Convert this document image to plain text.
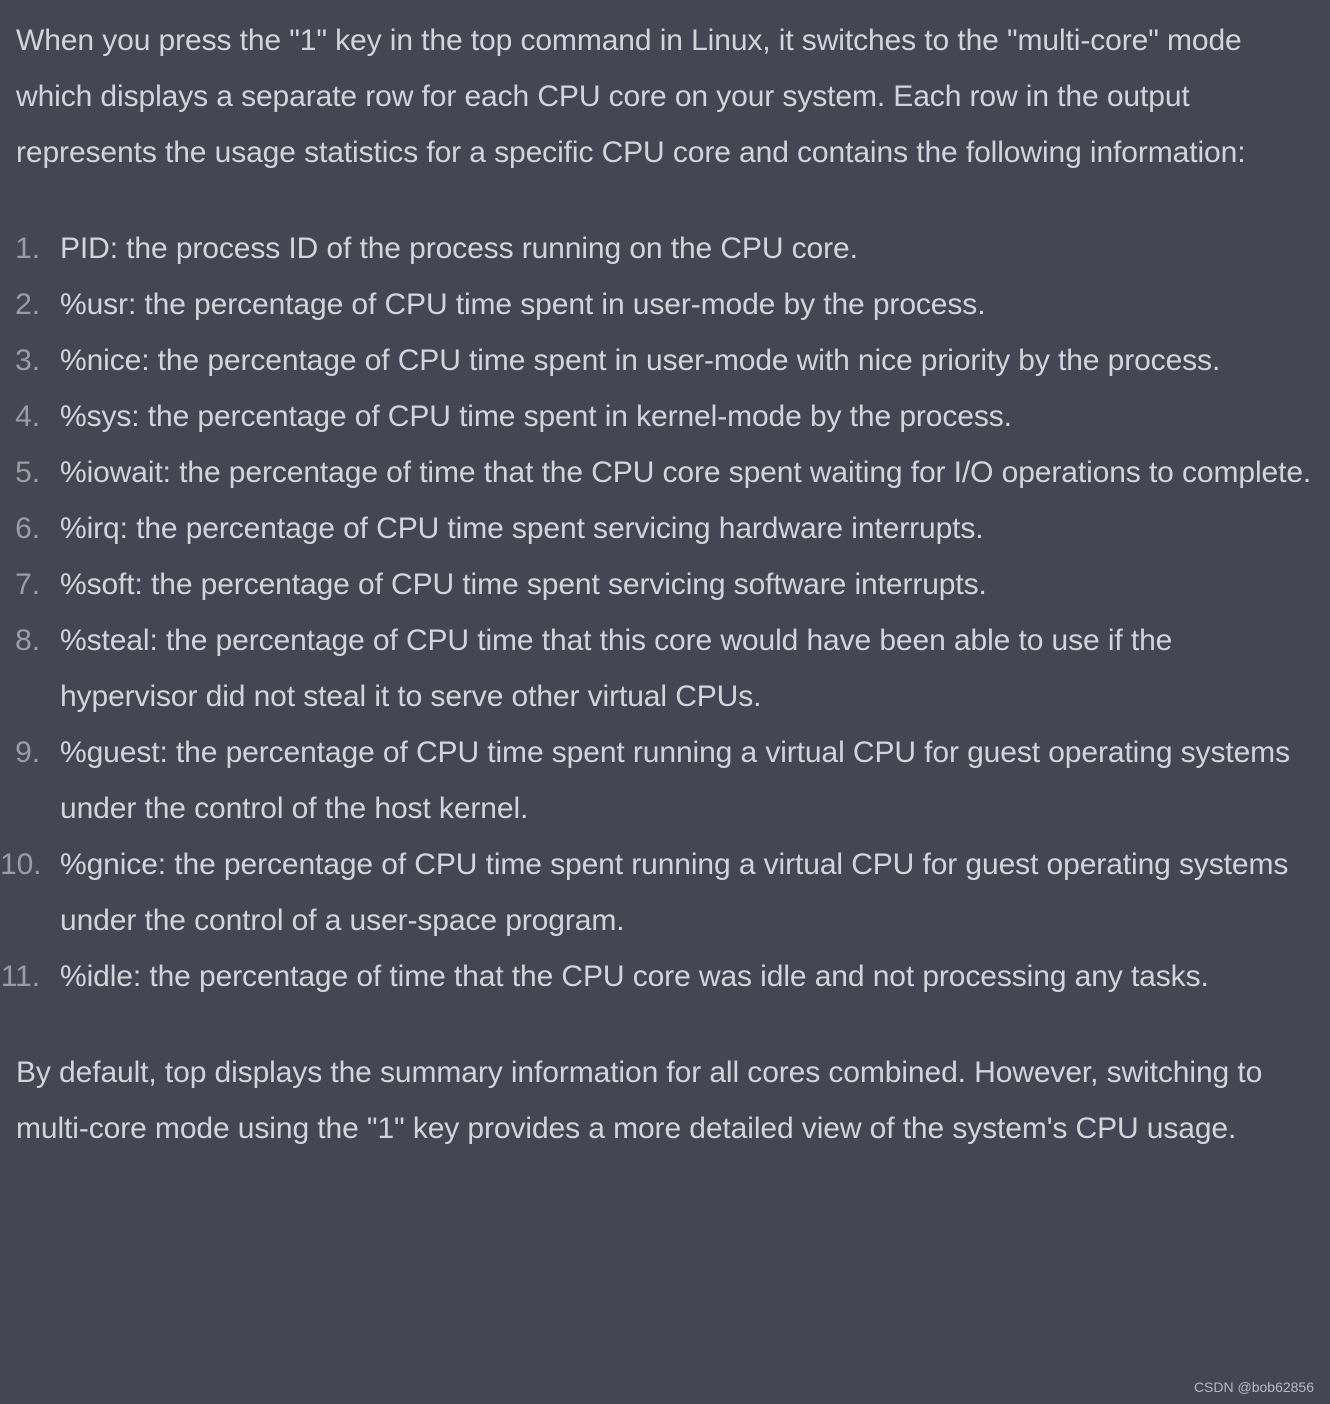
When you press the "1" key in the top command in Linux, it switches to the "multi-core" mode which displays a separate row for each CPU core on your system. Each row in the output represents the usage statistics for a specific CPU core and contains the following information:

1. PID: the process ID of the process running on the CPU core.
2. %usr: the percentage of CPU time spent in user-mode by the process.
3. %nice: the percentage of CPU time spent in user-mode with nice priority by the process.
4. %sys: the percentage of CPU time spent in kernel-mode by the process.
5. %iowait: the percentage of time that the CPU core spent waiting for I/O operations to complete.
6. %irq: the percentage of CPU time spent servicing hardware interrupts.
7. %soft: the percentage of CPU time spent servicing software interrupts.
8. %steal: the percentage of CPU time that this core would have been able to use if the hypervisor did not steal it to serve other virtual CPUs.
9. %guest: the percentage of CPU time spent running a virtual CPU for guest operating systems under the control of the host kernel.
10. %gnice: the percentage of CPU time spent running a virtual CPU for guest operating systems under the control of a user-space program.
11. %idle: the percentage of time that the CPU core was idle and not processing any tasks.

By default, top displays the summary information for all cores combined. However, switching to multi-core mode using the "1" key provides a more detailed view of the system's CPU usage.

CSDN @bob62856
